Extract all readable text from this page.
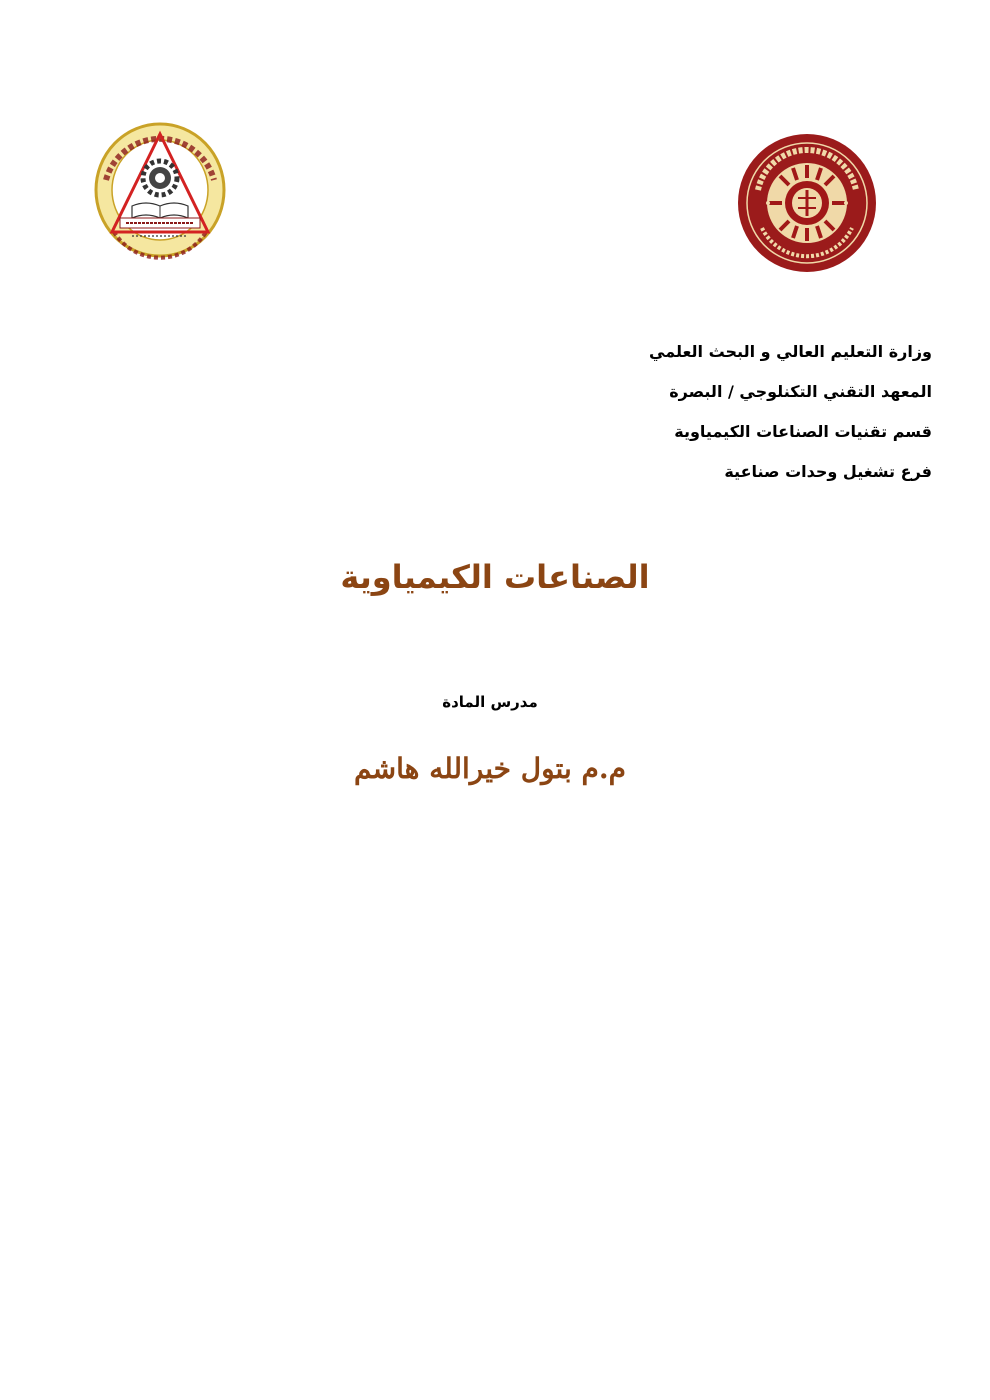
وزارة التعليم العالي و البحث العلمي
المعهد التقني التكنلوجي / البصرة
قسم تقنيات الصناعات الكيمياوية
فرع تشغيل وحدات صناعية
الصناعات الكيمياوية
مدرس المادة
م.م بتول خيرالله هاشم
